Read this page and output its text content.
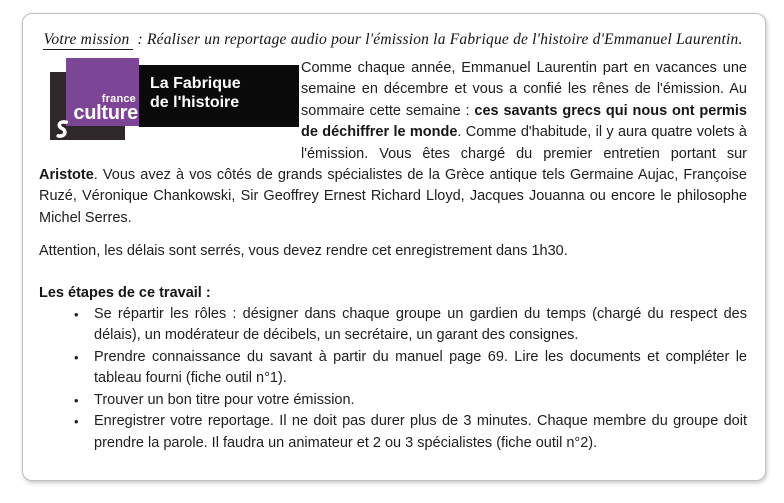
Votre mission : Réaliser un reportage audio pour l'émission la Fabrique de l'histoire d'Emmanuel Laurentin.

france
culture
La Fabrique
de l'histoire
Comme chaque année, Emmanuel Laurentin part en vacances une semaine en décembre et vous a confié les rênes de l'émission. Au sommaire cette semaine : ces savants grecs qui nous ont permis de déchiffrer le monde. Comme d'habitude, il y aura quatre volets à l'émission. Vous êtes chargé du premier entretien portant sur Aristote. Vous avez à vos côtés de grands spécialistes de la Grèce antique tels Germaine Aujac, Françoise Ruzé, Véronique Chankowski, Sir Geoffrey Ernest Richard Lloyd, Jacques Jouanna ou encore le philosophe Michel Serres.

Attention, les délais sont serrés, vous devez rendre cet enregistrement dans 1h30.

Les étapes de ce travail :

• Se répartir les rôles : désigner dans chaque groupe un gardien du temps (chargé du respect des délais), un modérateur de décibels, un secrétaire, un garant des consignes.
• Prendre connaissance du savant à partir du manuel page 69. Lire les documents et compléter le tableau fourni (fiche outil n°1).
• Trouver un bon titre pour votre émission.
• Enregistrer votre reportage. Il ne doit pas durer plus de 3 minutes. Chaque membre du groupe doit prendre la parole. Il faudra un animateur et 2 ou 3 spécialistes (fiche outil n°2).
